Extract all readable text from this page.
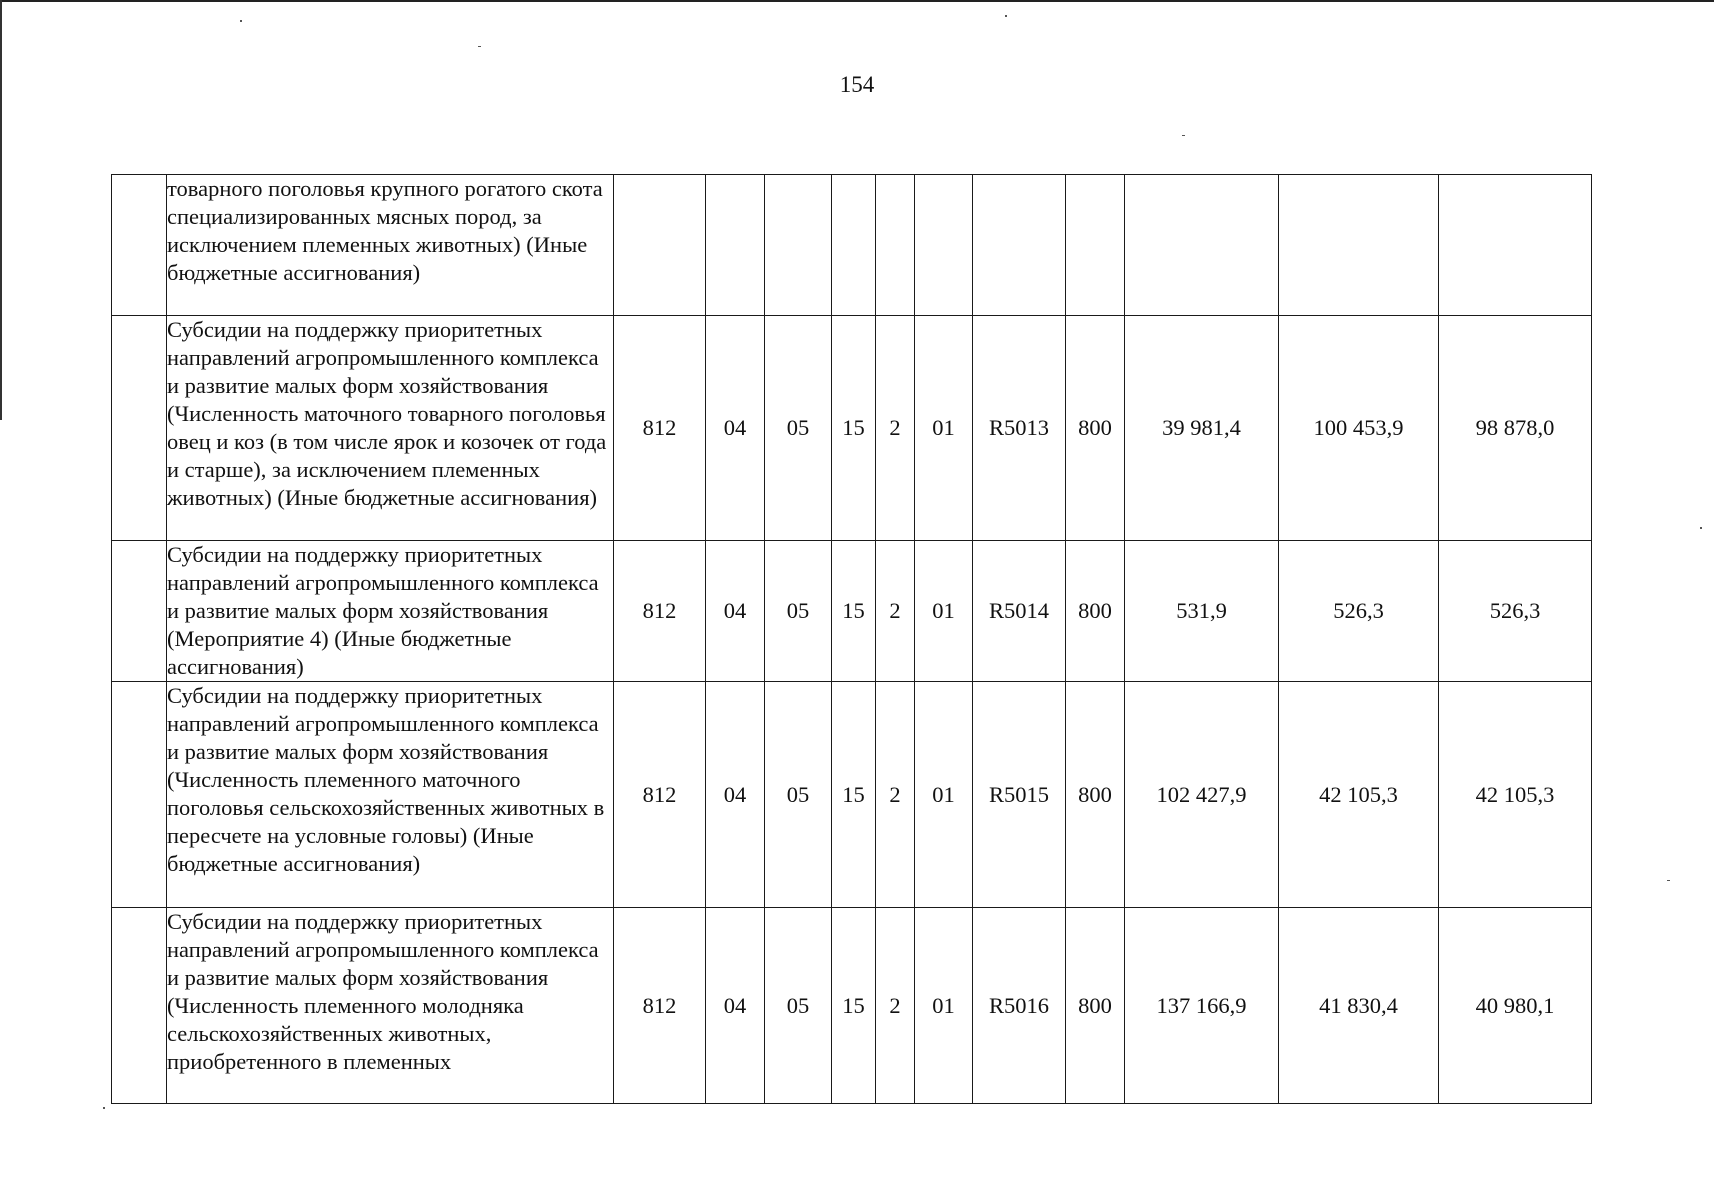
154
	товарного поголовья крупного рогатого скота специализированных мясных пород, за исключением племенных животных) (Иные бюджетные ассигнования)											
	Субсидии на поддержку приоритетных направлений агропромышленного комплекса и развитие малых форм хозяйствования (Численность маточного товарного поголовья овец и коз (в том числе ярок и козочек от года и старше), за исключением племенных животных) (Иные бюджетные ассигнования)	812	04	05	15	2	01	R5013	800	39 981,4	100 453,9	98 878,0
	Субсидии на поддержку приоритетных направлений агропромышленного комплекса и развитие малых форм хозяйствования (Мероприятие 4) (Иные бюджетные ассигнования)	812	04	05	15	2	01	R5014	800	531,9	526,3	526,3
	Субсидии на поддержку приоритетных направлений агропромышленного комплекса и развитие малых форм хозяйствования (Численность племенного маточного поголовья сельскохозяйственных животных в пересчете на условные головы) (Иные бюджетные ассигнования)	812	04	05	15	2	01	R5015	800	102 427,9	42 105,3	42 105,3
	Субсидии на поддержку приоритетных направлений агропромышленного комплекса и развитие малых форм хозяйствования (Численность племенного молодняка сельскохозяйственных животных, приобретенного в племенных	812	04	05	15	2	01	R5016	800	137 166,9	41 830,4	40 980,1
